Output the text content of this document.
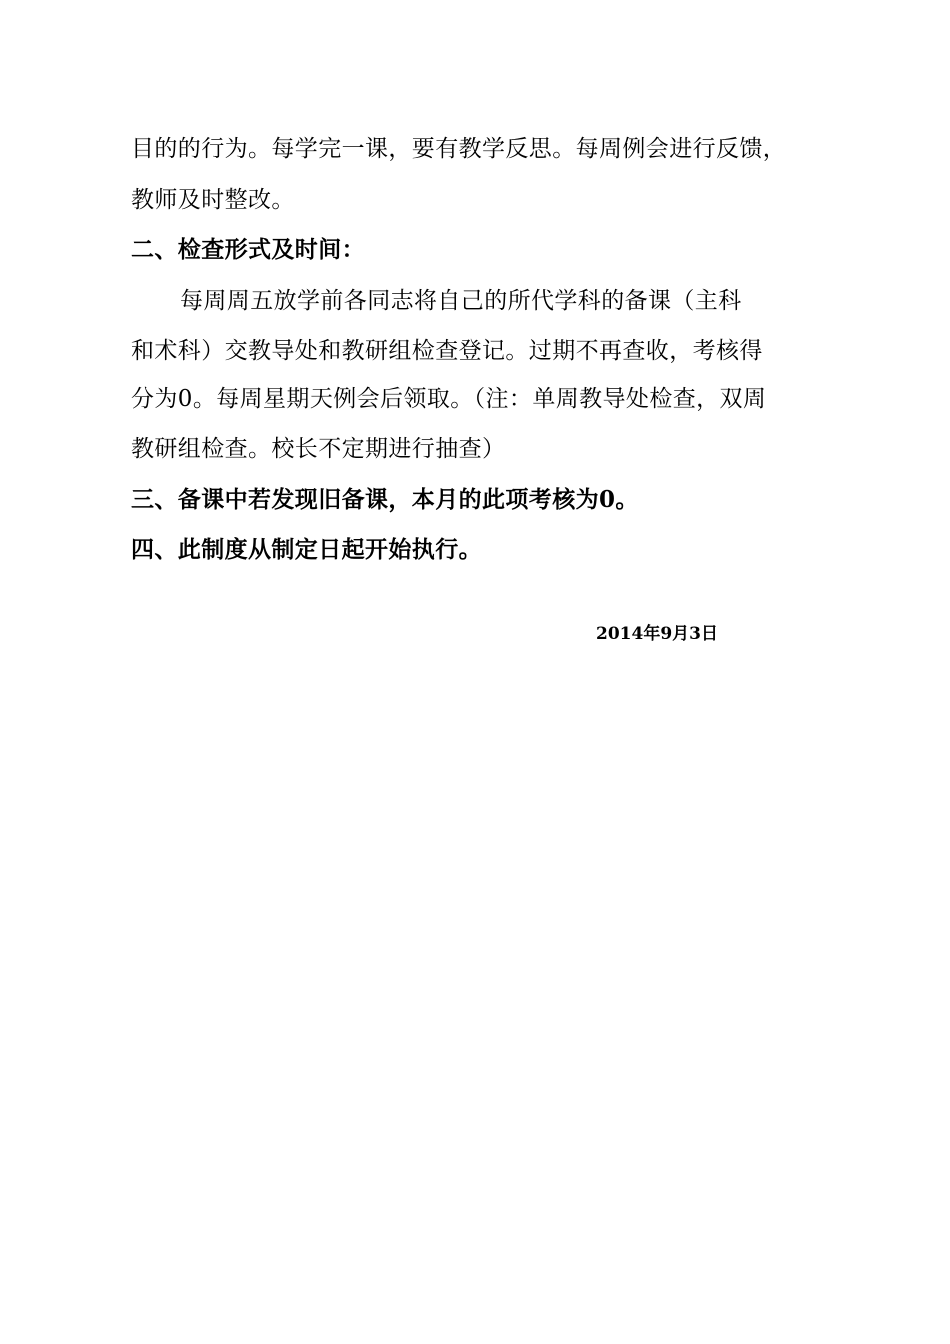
目的的行为。每学完一课，要有教学反思。每周例会进行反馈，
教师及时整改。
二、检查形式及时间：
每周周五放学前各同志将自己的所代学科的备课（主科
和术科）交教导处和教研组检查登记。过期不再查收，考核得
分为0。每周星期天例会后领取。（注：单周教导处检查，双周
教研组检查。校长不定期进行抽查）
三、备课中若发现旧备课，本月的此项考核为0。
四、此制度从制定日起开始执行。
2014年9月3日
